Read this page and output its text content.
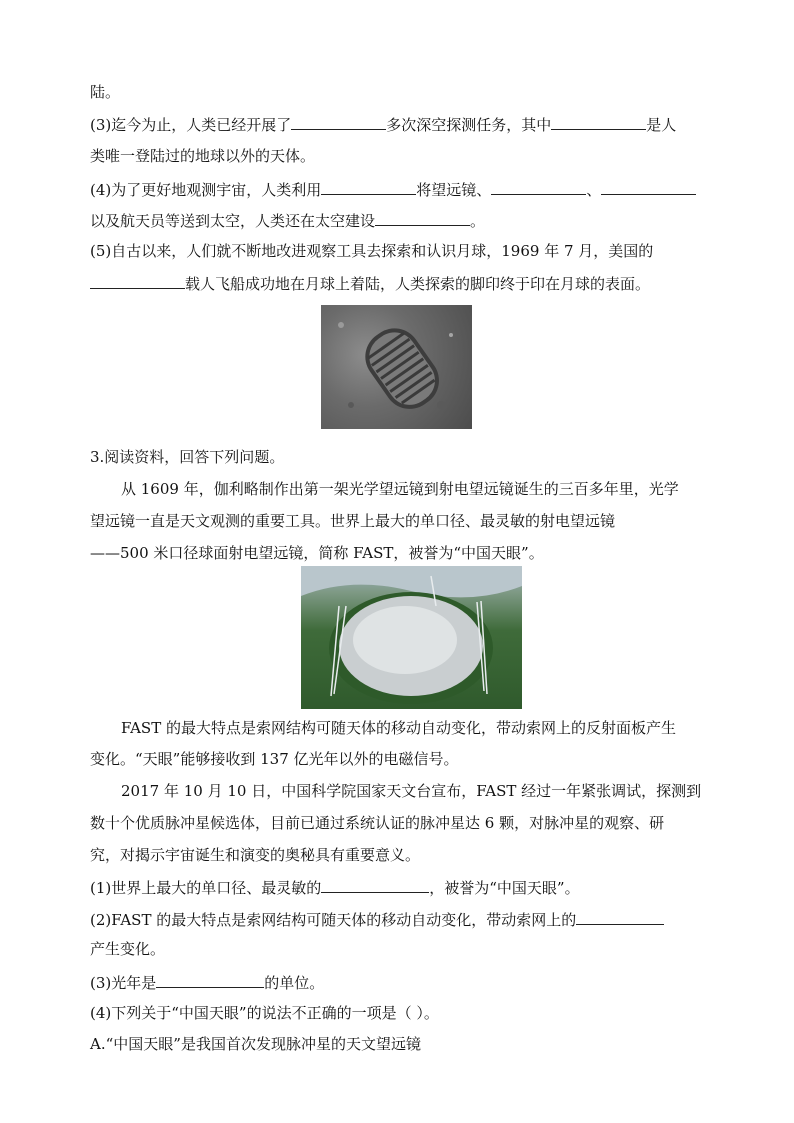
陆。
(3)迄今为止，人类已经开展了	多次深空探测任务，其中	是人
类唯一登陆过的地球以外的天体。
(4)为了更好地观测宇宙，人类利用	将望远镜、	、
以及航天员等送到太空，人类还在太空建设	。
(5)自古以来，人们就不断地改进观察工具去探索和认识月球，1969 年 7 月，美国的
载人飞船成功地在月球上着陆，人类探索的脚印终于印在月球的表面。
3.阅读资料，回答下列问题。
从 1609 年，伽利略制作出第一架光学望远镜到射电望远镜诞生的三百多年里，光学
望远镜一直是天文观测的重要工具。世界上最大的单口径、最灵敏的射电望远镜
——500 米口径球面射电望远镜，简称 FAST，被誉为“中国天眼”。
FAST 的最大特点是索网结构可随天体的移动自动变化，带动索网上的反射面板产生
变化。“天眼”能够接收到 137 亿光年以外的电磁信号。
2017 年 10 月 10 日，中国科学院国家天文台宣布，FAST 经过一年紧张调试，探测到
数十个优质脉冲星候选体，目前已通过系统认证的脉冲星达 6 颗，对脉冲星的观察、研
究，对揭示宇宙诞生和演变的奥秘具有重要意义。
(1)世界上最大的单口径、最灵敏的	，被誉为“中国天眼”。
(2)FAST 的最大特点是索网结构可随天体的移动自动变化，带动索网上的
产生变化。
(3)光年是	的单位。
(4)下列关于“中国天眼”的说法不正确的一项是（ ）。
A.“中国天眼”是我国首次发现脉冲星的天文望远镜
